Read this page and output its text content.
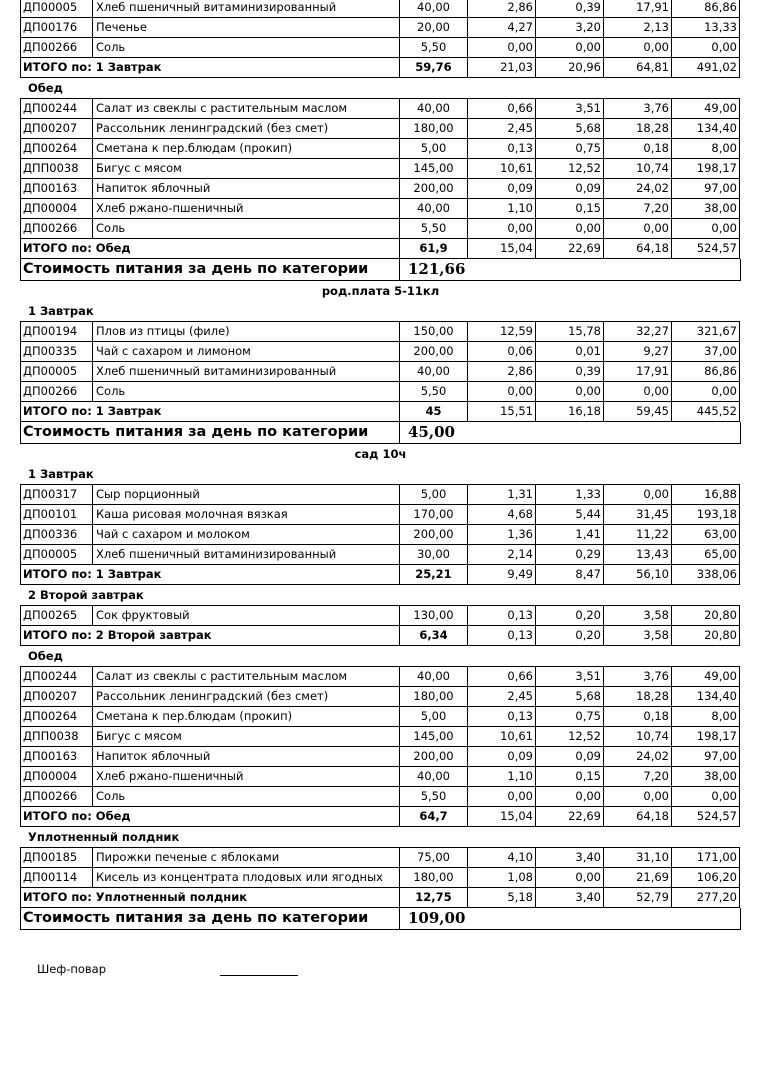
ДП00005	Хлеб пшеничный витаминизированный	40,00	2,86	0,39	17,91	86,86
ДП00176	Печенье	20,00	4,27	3,20	2,13	13,33
ДП00266	Соль	5,50	0,00	0,00	0,00	0,00
ИТОГО по: 1 Завтрак	59,76	21,03	20,96	64,81	491,02
Обед
ДП00244	Салат из свеклы с растительным маслом	40,00	0,66	3,51	3,76	49,00
ДП00207	Рассольник ленинградский (без смет)	180,00	2,45	5,68	18,28	134,40
ДП00264	Сметана к пер.блюдам (прокип)	5,00	0,13	0,75	0,18	8,00
ДПП0038	Бигус с мясом	145,00	10,61	12,52	10,74	198,17
ДП00163	Напиток яблочный	200,00	0,09	0,09	24,02	97,00
ДП00004	Хлеб ржано-пшеничный	40,00	1,10	0,15	7,20	38,00
ДП00266	Соль	5,50	0,00	0,00	0,00	0,00
ИТОГО по: Обед	61,9	15,04	22,69	64,18	524,57
Стоимость питания за день по категории	121,66
род.плата 5-11кл
1 Завтрак
ДП00194	Плов из птицы (филе)	150,00	12,59	15,78	32,27	321,67
ДП00335	Чай с сахаром и лимоном	200,00	0,06	0,01	9,27	37,00
ДП00005	Хлеб пшеничный витаминизированный	40,00	2,86	0,39	17,91	86,86
ДП00266	Соль	5,50	0,00	0,00	0,00	0,00
ИТОГО по: 1 Завтрак	45	15,51	16,18	59,45	445,52
Стоимость питания за день по категории	45,00
сад 10ч
1 Завтрак
ДП00317	Сыр порционный	5,00	1,31	1,33	0,00	16,88
ДП00101	Каша рисовая молочная вязкая	170,00	4,68	5,44	31,45	193,18
ДП00336	Чай с сахаром и молоком	200,00	1,36	1,41	11,22	63,00
ДП00005	Хлеб пшеничный витаминизированный	30,00	2,14	0,29	13,43	65,00
ИТОГО по: 1 Завтрак	25,21	9,49	8,47	56,10	338,06
2 Второй завтрак
ДП00265	Сок фруктовый	130,00	0,13	0,20	3,58	20,80
ИТОГО по: 2 Второй завтрак	6,34	0,13	0,20	3,58	20,80
Обед
ДП00244	Салат из свеклы с растительным маслом	40,00	0,66	3,51	3,76	49,00
ДП00207	Рассольник ленинградский (без смет)	180,00	2,45	5,68	18,28	134,40
ДП00264	Сметана к пер.блюдам (прокип)	5,00	0,13	0,75	0,18	8,00
ДПП0038	Бигус с мясом	145,00	10,61	12,52	10,74	198,17
ДП00163	Напиток яблочный	200,00	0,09	0,09	24,02	97,00
ДП00004	Хлеб ржано-пшеничный	40,00	1,10	0,15	7,20	38,00
ДП00266	Соль	5,50	0,00	0,00	0,00	0,00
ИТОГО по: Обед	64,7	15,04	22,69	64,18	524,57
Уплотненный полдник
ДП00185	Пирожки печеные с яблоками	75,00	4,10	3,40	31,10	171,00
ДП00114	Кисель из концентрата плодовых или ягодных	180,00	1,08	0,00	21,69	106,20
ИТОГО по: Уплотненный полдник	12,75	5,18	3,40	52,79	277,20
Стоимость питания за день по категории	109,00
Шеф-повар
